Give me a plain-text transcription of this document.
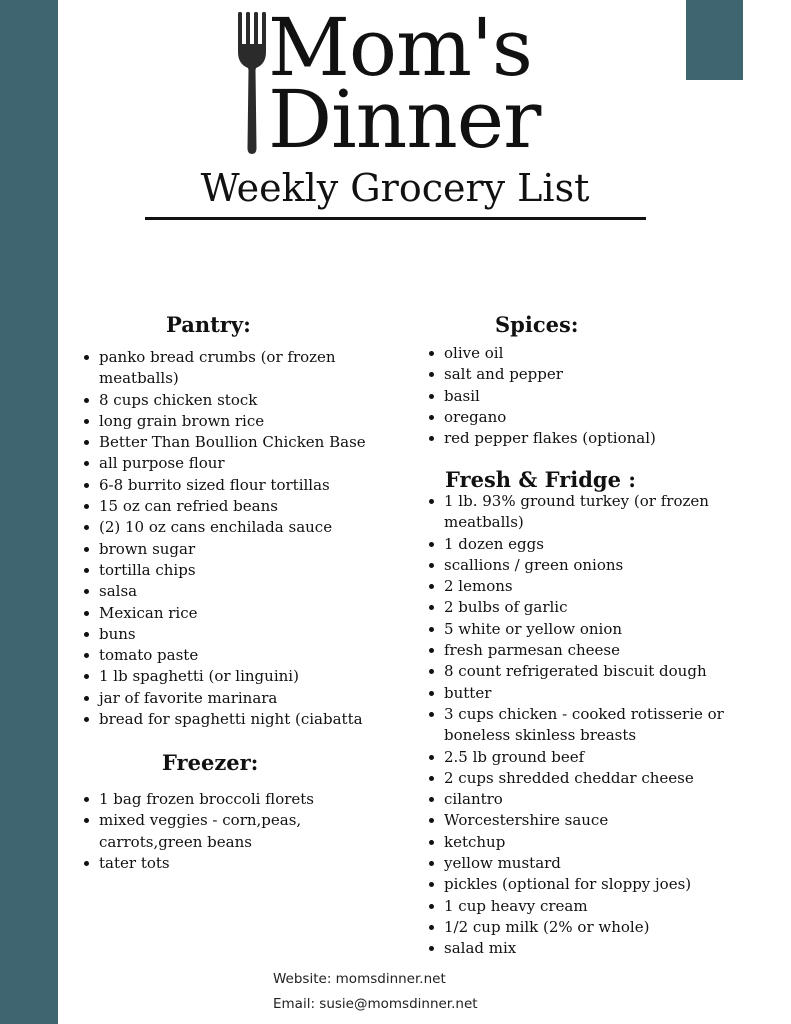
Mom's
Dinner
Weekly Grocery List
Pantry:
panko bread crumbs (or frozen meatballs)
8 cups chicken stock
long grain brown rice
Better Than Boullion Chicken Base
all purpose flour
6-8 burrito sized flour tortillas
15 oz can refried beans
(2) 10 oz cans enchilada sauce
brown sugar
tortilla chips
salsa
Mexican rice
buns
tomato paste
1 lb spaghetti (or linguini)
jar of favorite marinara
bread for spaghetti night (ciabatta
Freezer:
1 bag frozen broccoli florets
mixed veggies - corn,peas, carrots,green beans
tater tots
Spices:
olive oil
salt and pepper
basil
oregano
red pepper flakes (optional)
Fresh & Fridge :
1 lb. 93% ground turkey (or frozen meatballs)
1 dozen eggs
scallions / green onions
2 lemons
2 bulbs of garlic
5 white or yellow onion
fresh parmesan cheese
8 count refrigerated biscuit dough
butter
3 cups chicken - cooked rotisserie or boneless skinless breasts
2.5 lb ground beef
2 cups shredded cheddar cheese
cilantro
Worcestershire sauce
ketchup
yellow mustard
pickles (optional for sloppy joes)
1 cup heavy cream
1/2 cup milk (2% or whole)
salad mix
Website: momsdinner.net
Email: susie@momsdinner.net
